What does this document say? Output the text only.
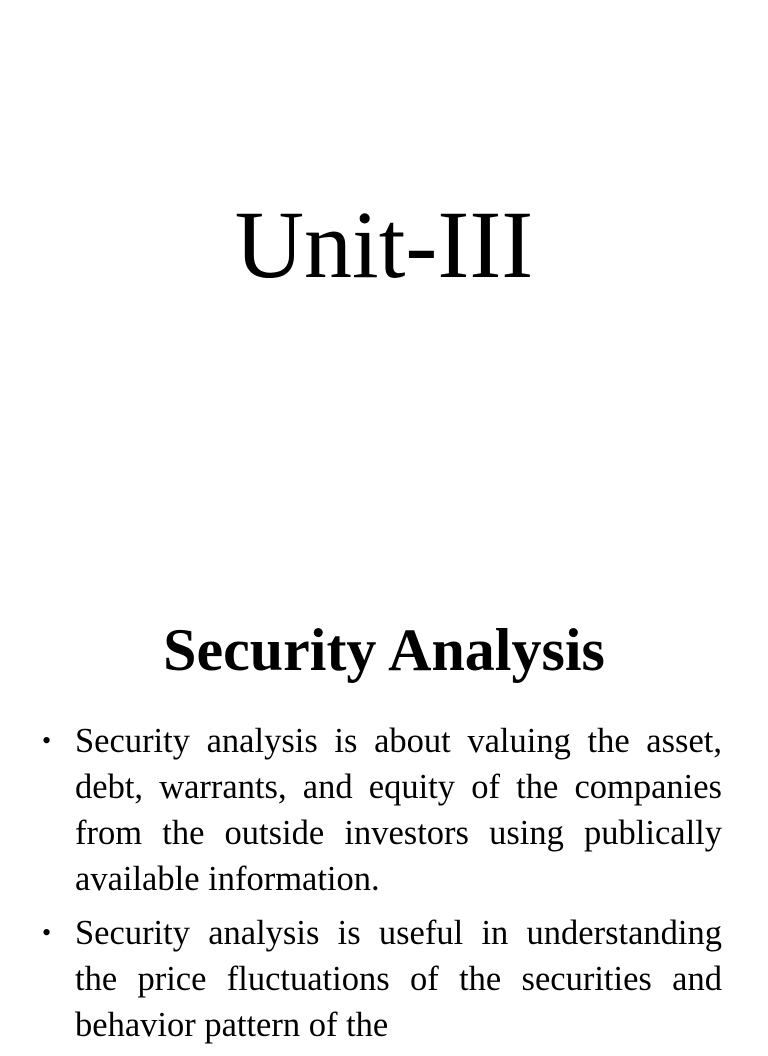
Unit-III
Security Analysis
• Security analysis is about valuing the asset, debt, warrants, and equity of the companies from the outside investors using publically available information.
• Security analysis is useful in understanding the price fluctuations of the securities and behavior pattern of the
